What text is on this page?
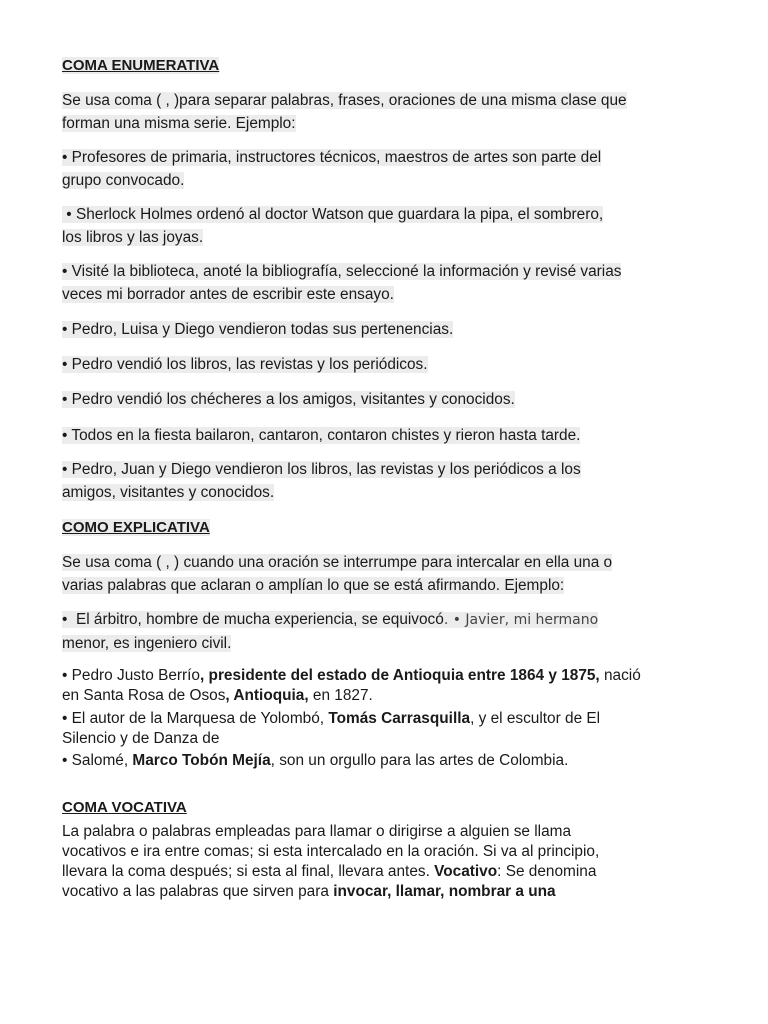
COMA ENUMERATIVA
Se usa coma ( , )para separar palabras, frases, oraciones de una misma clase que
forman una misma serie. Ejemplo:
• Profesores de primaria, instructores técnicos, maestros de artes son parte del
grupo convocado.
• Sherlock Holmes ordenó al doctor Watson que guardara la pipa, el sombrero,
los libros y las joyas.
• Visité la biblioteca, anoté la bibliografía, seleccioné la información y revisé varias
veces mi borrador antes de escribir este ensayo.
• Pedro, Luisa y Diego vendieron todas sus pertenencias.
• Pedro vendió los libros, las revistas y los periódicos.
• Pedro vendió los chécheres a los amigos, visitantes y conocidos.
• Todos en la fiesta bailaron, cantaron, contaron chistes y rieron hasta tarde.
• Pedro, Juan y Diego vendieron los libros, las revistas y los periódicos a los
amigos, visitantes y conocidos.
COMO EXPLICATIVA
Se usa coma ( , ) cuando una oración se interrumpe para intercalar en ella una o
varias palabras que aclaran o amplían lo que se está afirmando. Ejemplo:
•  El árbitro, hombre de mucha experiencia, se equivocó. • Javier, mi hermano
menor, es ingeniero civil.
• Pedro Justo Berrío, presidente del estado de Antioquia entre 1864 y 1875, nació
en Santa Rosa de Osos, Antioquia, en 1827.
• El autor de la Marquesa de Yolombó, Tomás Carrasquilla, y el escultor de El
Silencio y de Danza de
• Salomé, Marco Tobón Mejía, son un orgullo para las artes de Colombia.
COMA VOCATIVA
La palabra o palabras empleadas para llamar o dirigirse a alguien se llama
vocativos e ira entre comas; si esta intercalado en la oración. Si va al principio,
llevara la coma después; si esta al final, llevara antes. Vocativo: Se denomina
vocativo a las palabras que sirven para invocar, llamar, nombrar a una
